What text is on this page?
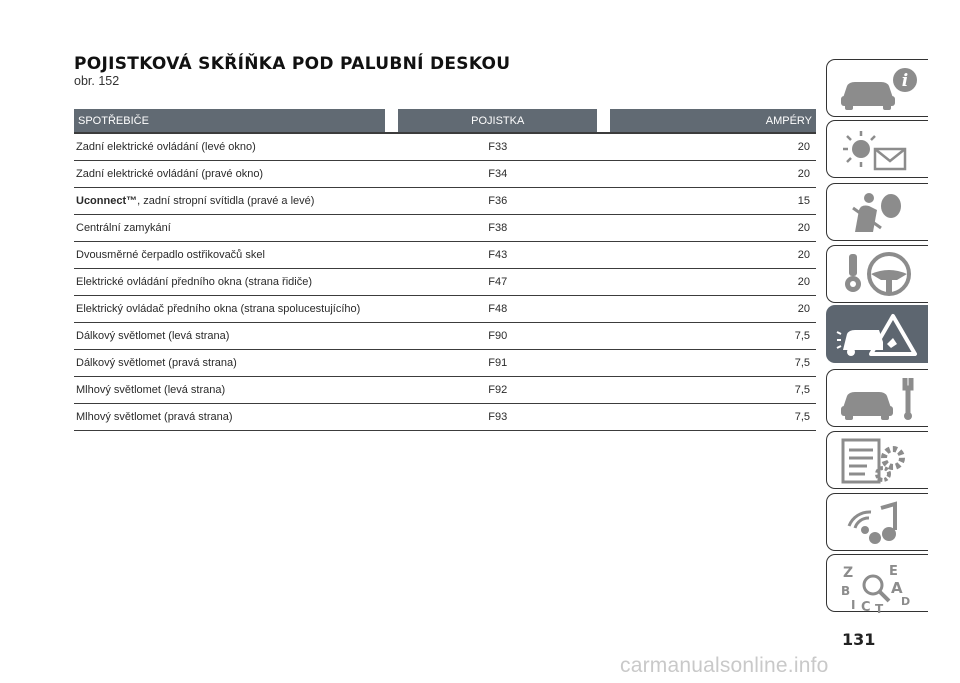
POJISTKOVÁ SKŘÍŇKA POD PALUBNÍ DESKOU
obr. 152
SPOTŘEBIČE		POJISTKA		AMPÉRY
Zadní elektrické ovládání (levé okno)		F33		20
Zadní elektrické ovládání (pravé okno)		F34		20
Uconnect™, zadní stropní svítidla (pravé a levé)		F36		15
Centrální zamykání		F38		20
Dvousměrné čerpadlo ostřikovačů skel		F43		20
Elektrické ovládání předního okna (strana řidiče)		F47		20
Elektrický ovládač předního okna (strana spolucestujícího)		F48		20
Dálkový světlomet (levá strana)		F90		7,5
Dálkový světlomet (pravá strana)		F91		7,5
Mlhový světlomet (levá strana)		F92		7,5
Mlhový světlomet (pravá strana)		F93		7,5
i
Z	E
B	A
C	D
T
I
131
carmanualsonline.info
